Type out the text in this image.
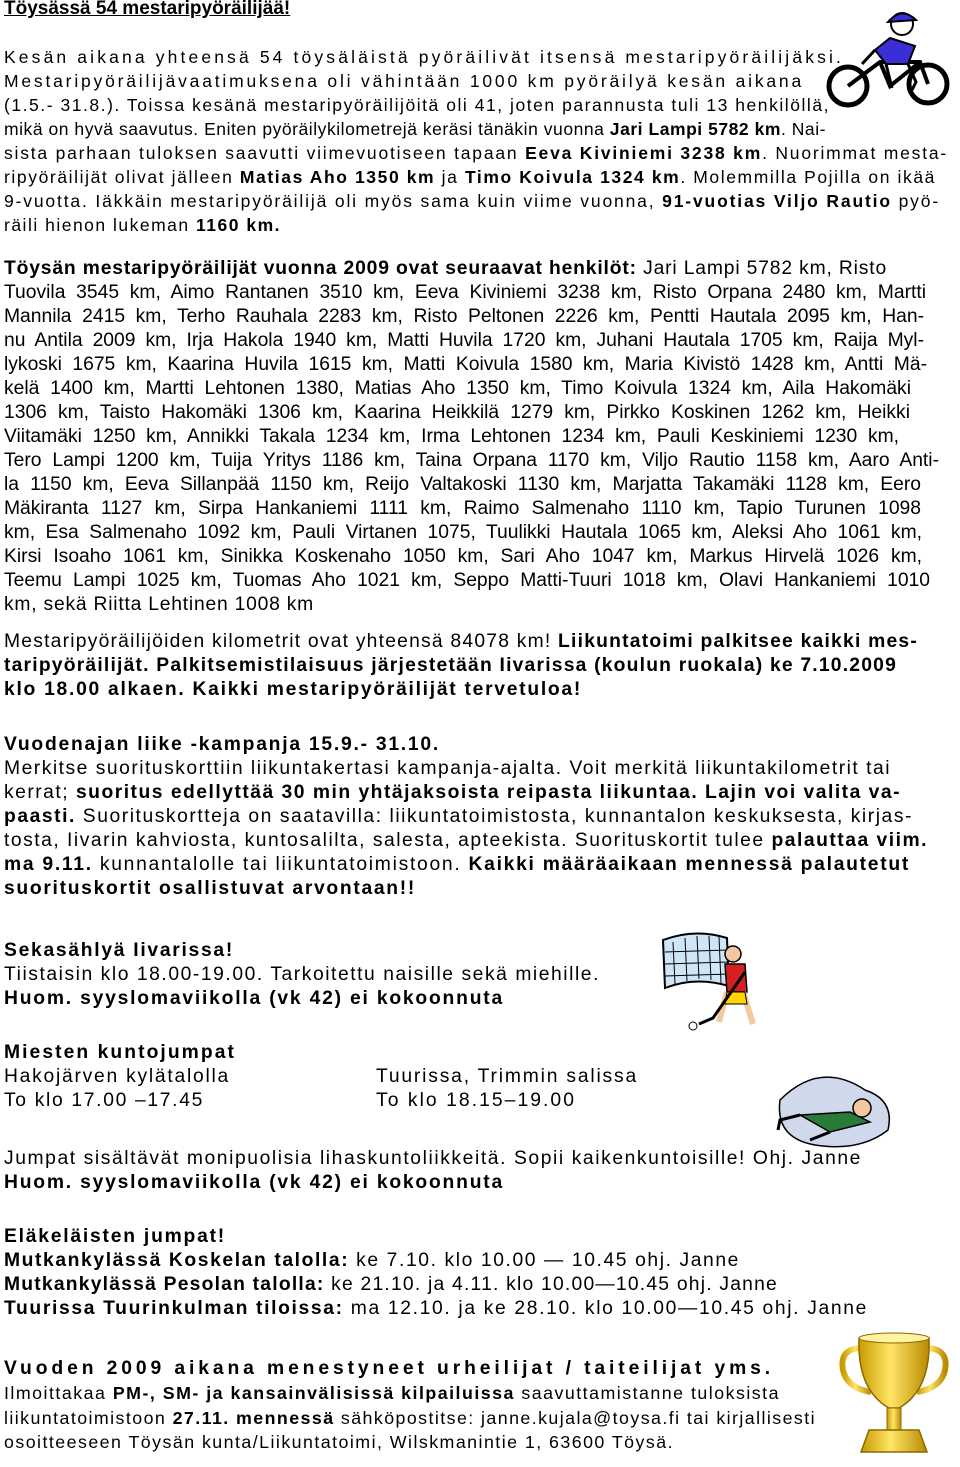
Töysässä 54 mestaripyöräilijää!
Kesän aikana yhteensä 54 töysäläistä pyöräilivät itsensä mestaripyöräilijäksi.
Mestaripyöräilijävaatimuksena oli vähintään 1000 km pyöräilyä kesän aikana
(1.5.- 31.8.). Toissa kesänä mestaripyöräilijöitä oli 41, joten parannusta tuli 13 henkilöllä,
mikä on hyvä saavutus. Eniten pyöräilykilometrejä keräsi tänäkin vuonna Jari Lampi 5782 km. Nai-
sista parhaan tuloksen saavutti viimevuotiseen tapaan Eeva Kiviniemi 3238 km. Nuorimmat mesta-
ripyöräilijät olivat jälleen Matias Aho 1350 km ja Timo Koivula 1324 km. Molemmilla Pojilla on ikää
9-vuotta. Iäkkäin mestaripyöräilijä oli myös sama kuin viime vuonna, 91-vuotias Viljo Rautio pyö-
räili hienon lukeman 1160 km.
Töysän mestaripyöräilijät vuonna 2009 ovat seuraavat henkilöt: Jari Lampi 5782 km, Risto
Tuovila 3545 km, Aimo Rantanen 3510 km, Eeva Kiviniemi 3238 km, Risto Orpana 2480 km, Martti
Mannila 2415 km, Terho Rauhala 2283 km, Risto Peltonen 2226 km, Pentti Hautala 2095 km, Han-
nu Antila 2009 km, Irja Hakola 1940 km, Matti Huvila 1720 km, Juhani Hautala 1705 km, Raija Myl-
lykoski 1675 km, Kaarina Huvila 1615 km, Matti Koivula 1580 km, Maria Kivistö 1428 km, Antti Mä-
kelä 1400 km, Martti Lehtonen 1380, Matias Aho 1350 km, Timo Koivula 1324 km, Aila Hakomäki
1306 km, Taisto Hakomäki 1306 km, Kaarina Heikkilä 1279 km, Pirkko Koskinen 1262 km, Heikki
Viitamäki 1250 km, Annikki Takala 1234 km, Irma Lehtonen 1234 km, Pauli Keskiniemi 1230 km,
Tero Lampi 1200 km, Tuija Yritys 1186 km, Taina Orpana 1170 km, Viljo Rautio 1158 km, Aaro Anti-
la 1150 km, Eeva Sillanpää 1150 km, Reijo Valtakoski 1130 km, Marjatta Takamäki 1128 km, Eero
Mäkiranta 1127 km, Sirpa Hankaniemi 1111 km, Raimo Salmenaho 1110 km, Tapio Turunen 1098
km, Esa Salmenaho 1092 km, Pauli Virtanen 1075, Tuulikki Hautala 1065 km, Aleksi Aho 1061 km,
Kirsi Isoaho 1061 km, Sinikka Koskenaho 1050 km, Sari Aho 1047 km, Markus Hirvelä 1026 km,
Teemu Lampi 1025 km, Tuomas Aho 1021 km, Seppo Matti-Tuuri 1018 km, Olavi Hankaniemi 1010
km, sekä Riitta Lehtinen 1008 km
Mestaripyöräilijöiden kilometrit ovat yhteensä 84078 km! Liikuntatoimi palkitsee kaikki mes-
taripyöräilijät. Palkitsemistilaisuus järjestetään Iivarissa (koulun ruokala) ke 7.10.2009
klo 18.00 alkaen. Kaikki mestaripyöräilijät tervetuloa!
Vuodenajan liike -kampanja 15.9.- 31.10.
Merkitse suorituskorttiin liikuntakertasi kampanja-ajalta. Voit merkitä liikuntakilometrit tai
kerrat; suoritus edellyttää 30 min yhtäjaksoista reipasta liikuntaa. Lajin voi valita va-
paasti. Suorituskortteja on saatavilla: liikuntatoimistosta, kunnantalon keskuksesta, kirjas-
tosta, Iivarin kahviosta, kuntosalilta, salesta, apteekista. Suorituskortit tulee palauttaa viim.
ma 9.11. kunnantalolle tai liikuntatoimistoon. Kaikki määräaikaan mennessä palautetut
suorituskortit osallistuvat arvontaan!!
Sekasählyä Iivarissa!
Tiistaisin klo 18.00-19.00. Tarkoitettu naisille sekä miehille.
Huom. syyslomaviikolla (vk 42) ei kokoonnuta
Miesten kuntojumpat
Hakojärven kylätalolla
To klo 17.00 –17.45
Tuurissa, Trimmin salissa
To klo 18.15–19.00
Jumpat sisältävät monipuolisia lihaskuntoliikkeitä. Sopii kaikenkuntoisille! Ohj. Janne
Huom. syyslomaviikolla (vk 42) ei kokoonnuta
Eläkeläisten jumpat!
Mutkankylässä Koskelan talolla: ke 7.10. klo 10.00 — 10.45 ohj. Janne
Mutkankylässä Pesolan talolla: ke 21.10. ja 4.11. klo 10.00—10.45 ohj. Janne
Tuurissa Tuurinkulman tiloissa: ma 12.10. ja ke 28.10. klo 10.00—10.45 ohj. Janne
Vuoden 2009 aikana menestyneet urheilijat / taiteilijat yms.
Ilmoittakaa PM-, SM- ja kansainvälisissä kilpailuissa saavuttamistanne tuloksista
liikuntatoimistoon 27.11. mennessä sähköpostitse: janne.kujala@toysa.fi tai kirjallisesti
osoitteeseen Töysän kunta/Liikuntatoimi, Wilskmanintie 1, 63600 Töysä.
